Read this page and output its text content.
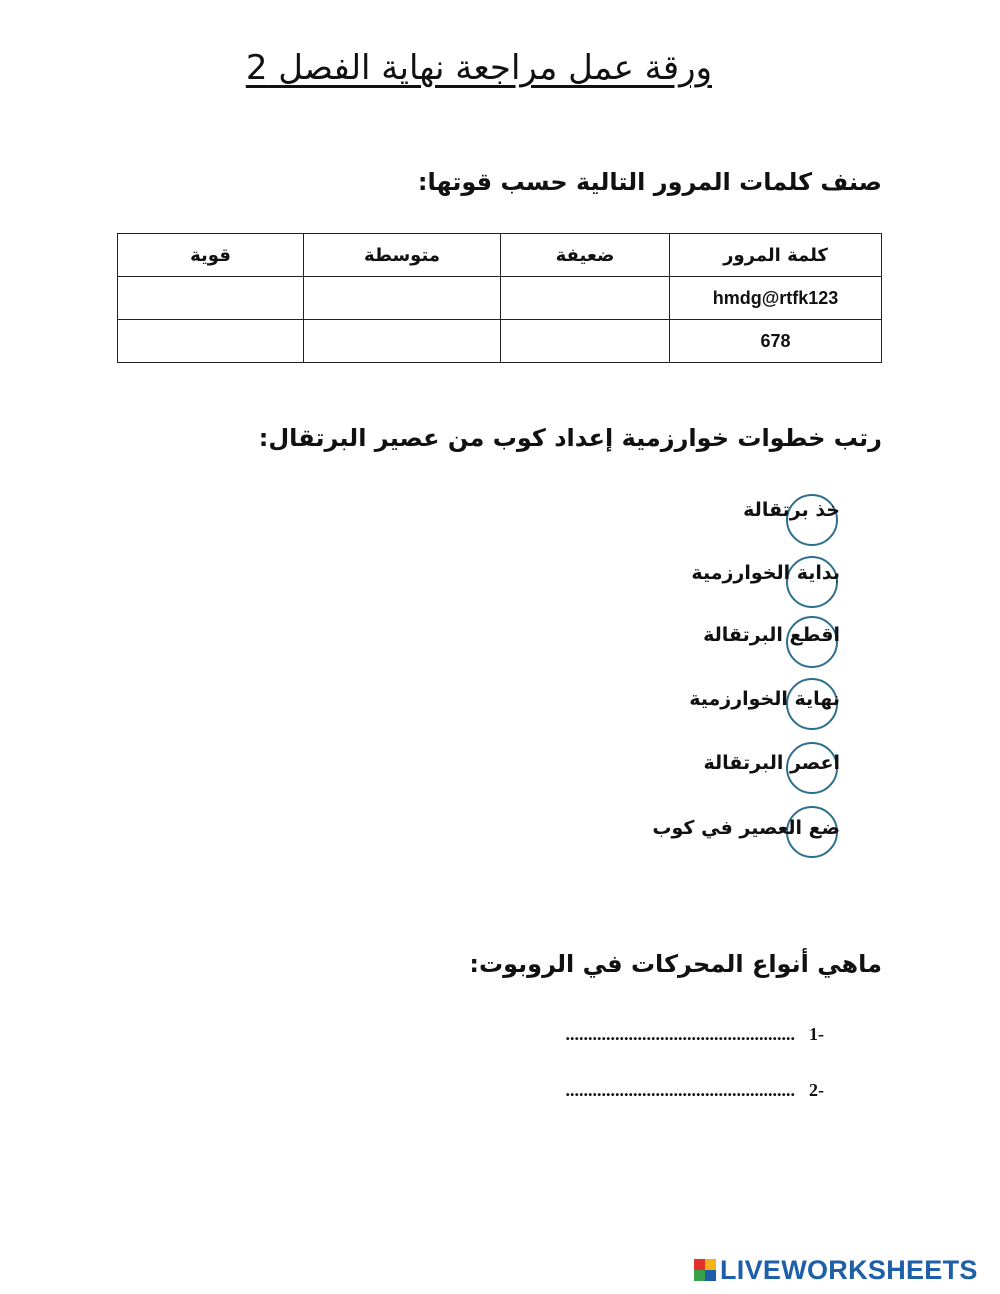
ورقة عمل مراجعة نهاية الفصل 2
صنف كلمات المرور التالية حسب قوتها:
كلمة المرور	ضعيفة	متوسطة	قوية
hmdg@rtfk123			
678			
رتب خطوات خوارزمية إعداد كوب من عصير البرتقال:
خذ برتقالة
بداية الخوارزمية
اقطع البرتقالة
نهاية الخوارزمية
اعصر البرتقالة
ضع العصير في كوب
ماهي أنواع المحركات في الروبوت:
-1...................................................
-2...................................................
LIVEWORKSHEETS
